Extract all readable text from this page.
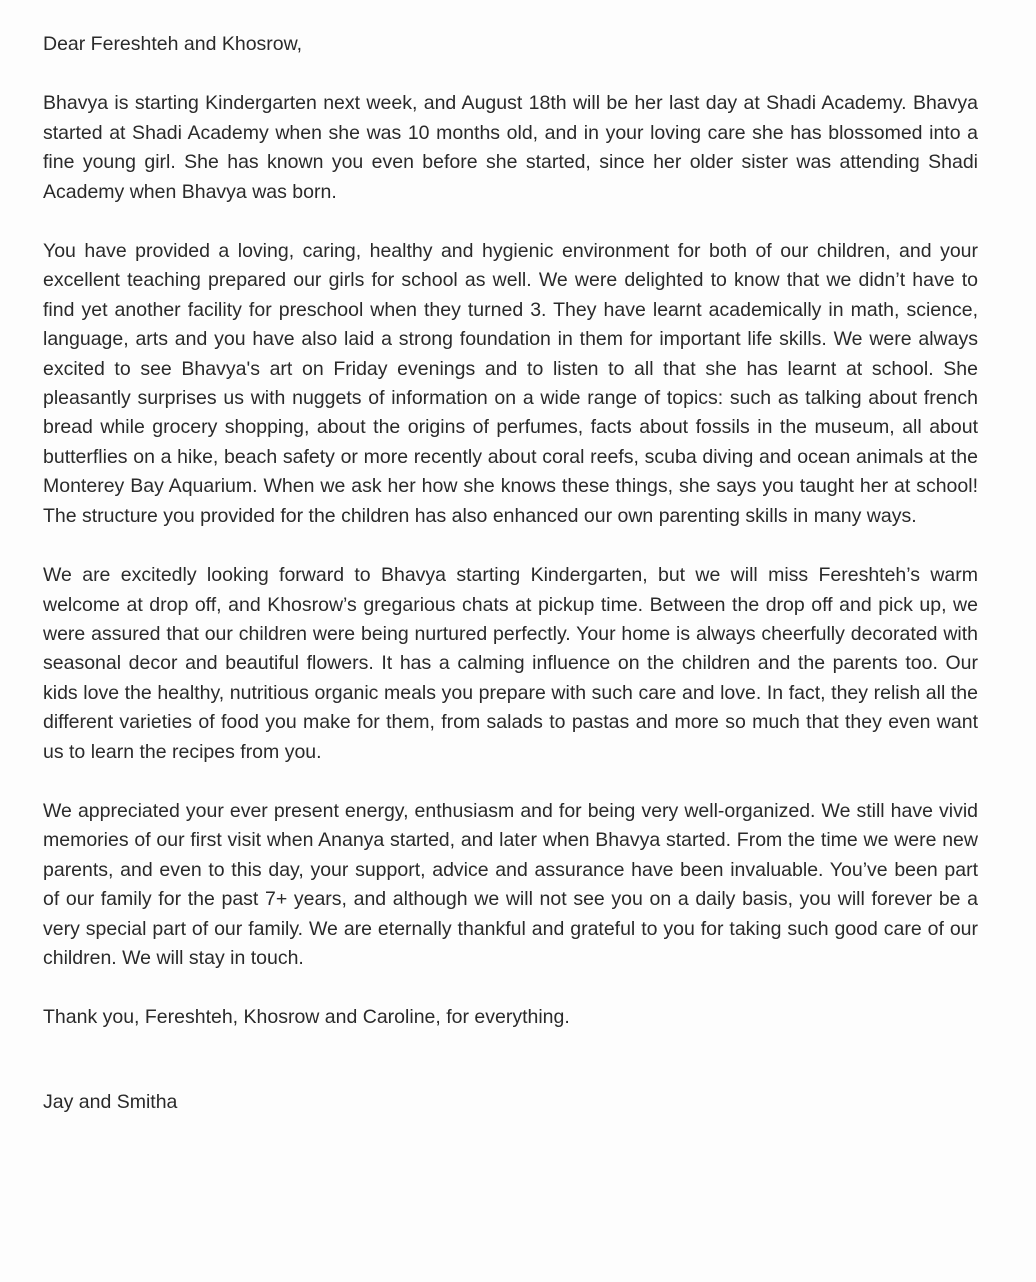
Dear Fereshteh and Khosrow,

Bhavya is starting Kindergarten next week, and August 18th will be her last day at Shadi Academy. Bhavya started at Shadi Academy when she was 10 months old, and in your loving care she has blossomed into a fine young girl. She has known you even before she started, since her older sister was attending Shadi Academy when Bhavya was born.

You have provided a loving, caring, healthy and hygienic environment for both of our children, and your excellent teaching prepared our girls for school as well. We were delighted to know that we didn’t have to find yet another facility for preschool when they turned 3. They have learnt academically in math, science, language, arts and you have also laid a strong foundation in them for important life skills. We were always excited to see Bhavya's art on Friday evenings and to listen to all that she has learnt at school. She pleasantly surprises us with nuggets of information on a wide range of topics: such as talking about french bread while grocery shopping, about the origins of perfumes, facts about fossils in the museum, all about butterflies on a hike, beach safety or more recently about coral reefs, scuba diving and ocean animals at the Monterey Bay Aquarium. When we ask her how she knows these things, she says you taught her at school! The structure you provided for the children has also enhanced our own parenting skills in many ways.

We are excitedly looking forward to Bhavya starting Kindergarten, but we will miss Fereshteh’s warm welcome at drop off, and Khosrow’s gregarious chats at pickup time. Between the drop off and pick up, we were assured that our children were being nurtured perfectly. Your home is always cheerfully decorated with seasonal decor and beautiful flowers. It has a calming influence on the children and the parents too. Our kids love the healthy, nutritious organic meals you prepare with such care and love. In fact, they relish all the different varieties of food you make for them, from salads to pastas and more so much that they even want us to learn the recipes from you.

We appreciated your ever present energy, enthusiasm and for being very well-organized. We still have vivid memories of our first visit when Ananya started, and later when Bhavya started. From the time we were new parents, and even to this day, your support, advice and assurance have been invaluable. You’ve been part of our family for the past 7+ years, and although we will not see you on a daily basis, you will forever be a very special part of our family. We are eternally thankful and grateful to you for taking such good care of our children. We will stay in touch.

Thank you, Fereshteh, Khosrow and Caroline, for everything.

Jay and Smitha
